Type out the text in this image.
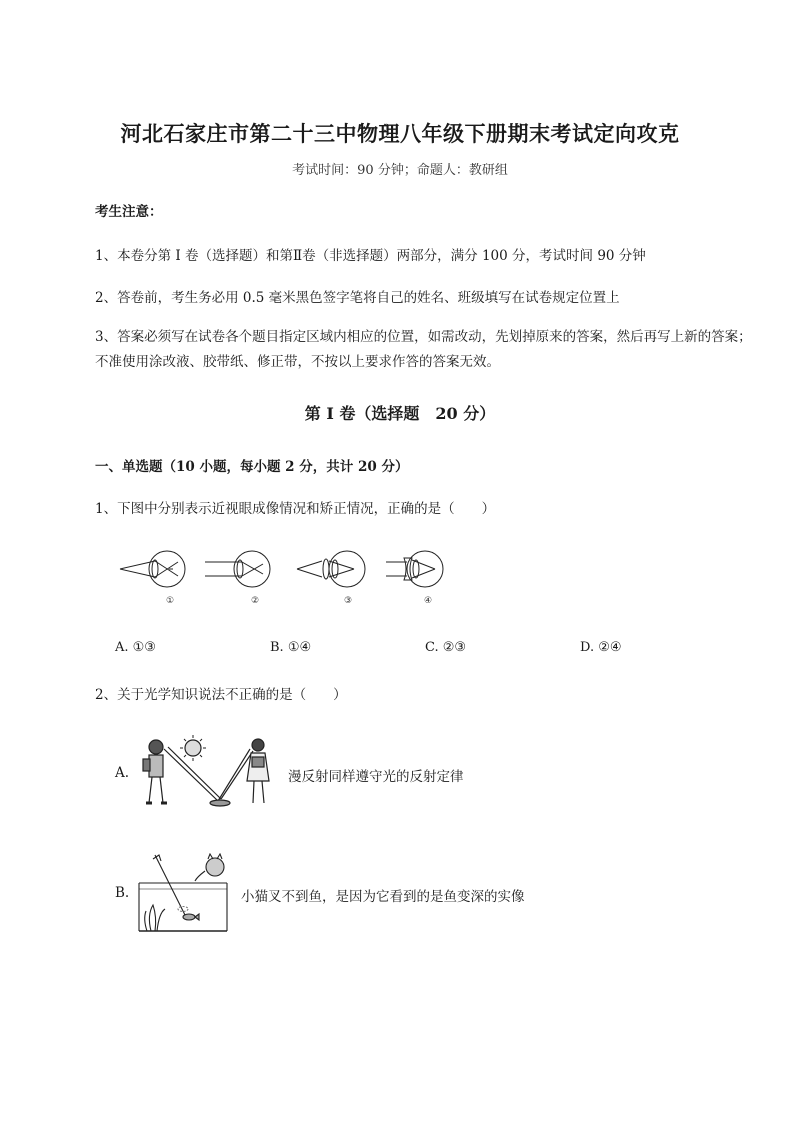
河北石家庄市第二十三中物理八年级下册期末考试定向攻克
考试时间：90 分钟；命题人：教研组
考生注意：
1、本卷分第 I 卷（选择题）和第Ⅱ卷（非选择题）两部分，满分 100 分，考试时间 90 分钟
2、答卷前，考生务必用 0.5 毫米黑色签字笔将自己的姓名、班级填写在试卷规定位置上
3、答案必须写在试卷各个题目指定区域内相应的位置，如需改动，先划掉原来的答案，然后再写上新的答案；不准使用涂改液、胶带纸、修正带，不按以上要求作答的答案无效。
第 I 卷（选择题　20 分）
一、单选题（10 小题，每小题 2 分，共计 20 分）
1、下图中分别表示近视眼成像情况和矫正情况，正确的是（　　）
①	②	③	④
A. ①③	B. ①④	C. ②③	D. ②④
2、关于光学知识说法不正确的是（　　）
A.	漫反射同样遵守光的反射定律
B.	小猫叉不到鱼，是因为它看到的是鱼变深的实像
